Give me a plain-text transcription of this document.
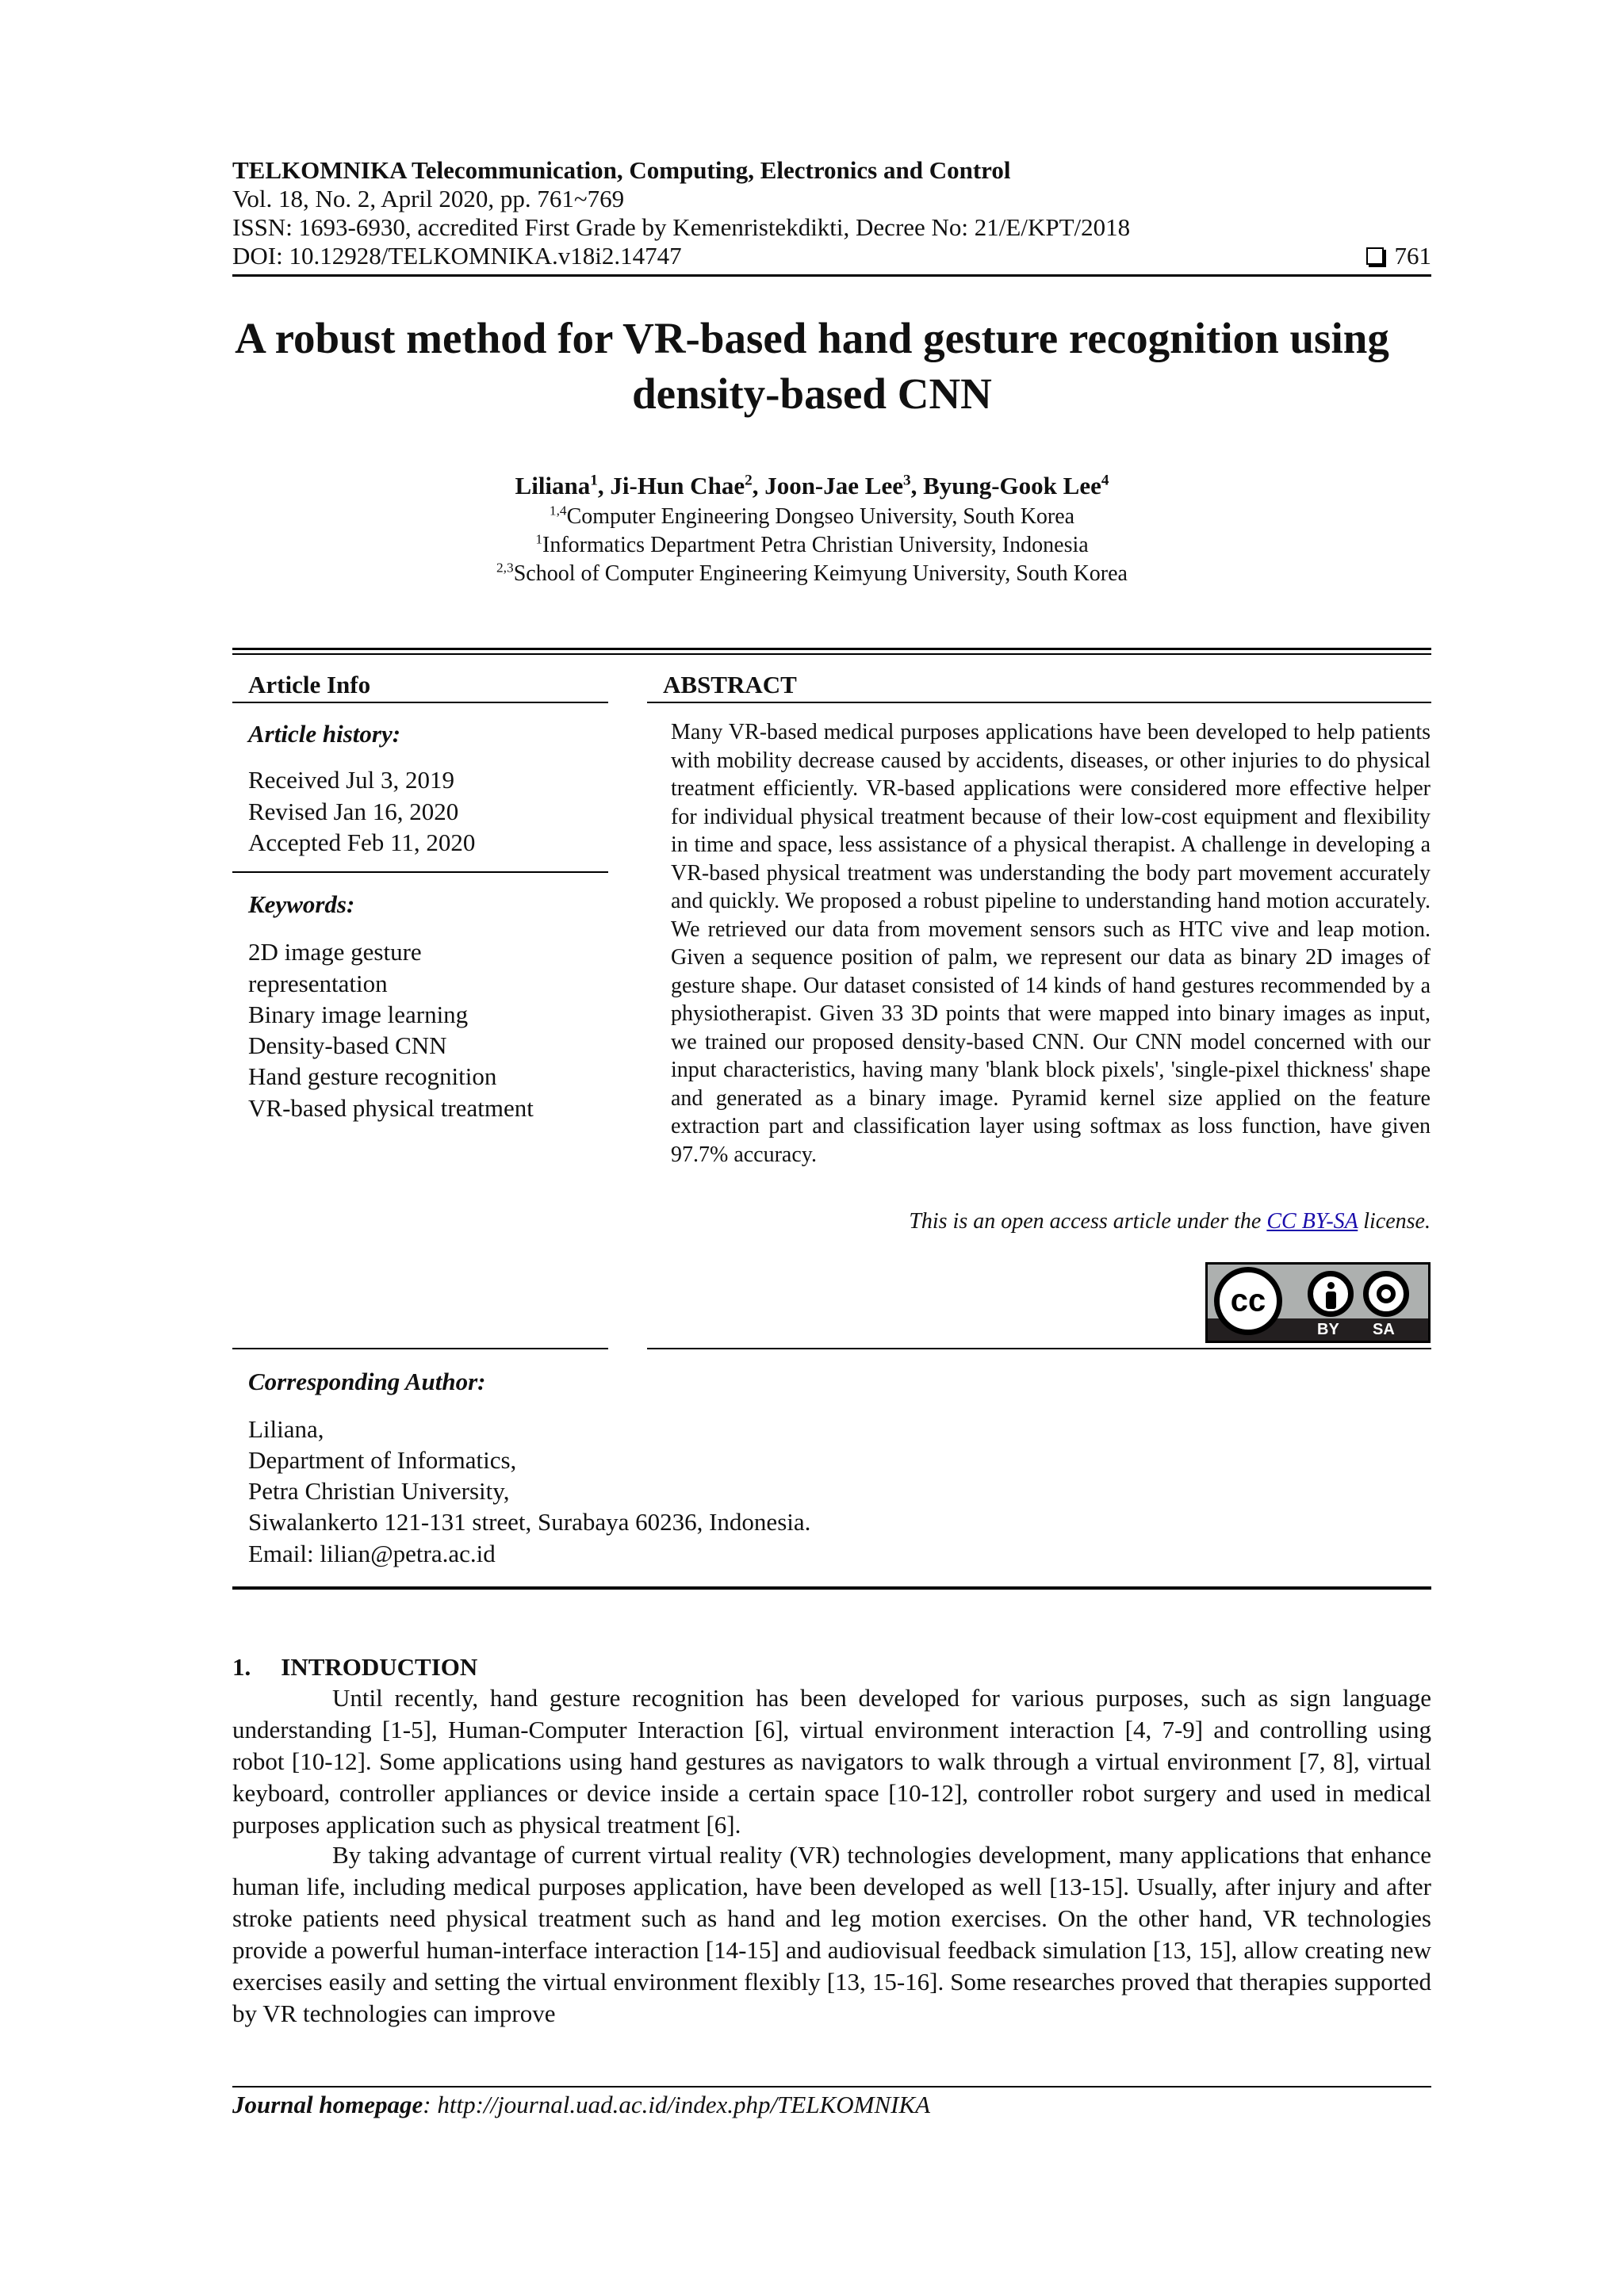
TELKOMNIKA Telecommunication, Computing, Electronics and Control
Vol. 18, No. 2, April 2020, pp. 761~769
ISSN: 1693-6930, accredited First Grade by Kemenristekdikti, Decree No: 21/E/KPT/2018
DOI: 10.12928/TELKOMNIKA.v18i2.14747	761
A robust method for VR-based hand gesture recognition using
density-based CNN
Liliana$^1$, Ji-Hun Chae$^2$, Joon-Jae Lee$^3$, Byung-Gook Lee$^4$
$^{1,4}$Computer Engineering Dongseo University, South Korea
$^1$Informatics Department Petra Christian University, Indonesia
$^{2,3}$School of Computer Engineering Keimyung University, South Korea
Article Info
Article history:
Received Jul 3, 2019
Revised Jan 16, 2020
Accepted Feb 11, 2020
Keywords:
2D image gesture
representation
Binary image learning
Density-based CNN
Hand gesture recognition
VR-based physical treatment
ABSTRACT
Many VR-based medical purposes applications have been developed to help patients with mobility decrease caused by accidents, diseases, or other injuries to do physical treatment efficiently. VR-based applications were considered more effective helper for individual physical treatment because of their low-cost equipment and flexibility in time and space, less assistance of a physical therapist. A challenge in developing a VR-based physical treatment was understanding the body part movement accurately and quickly. We proposed a robust pipeline to understanding hand motion accurately. We retrieved our data from movement sensors such as HTC vive and leap motion. Given a sequence position of palm, we represent our data as binary 2D images of gesture shape. Our dataset consisted of 14 kinds of hand gestures recommended by a physiotherapist. Given 33 3D points that were mapped into binary images as input, we trained our proposed density-based CNN. Our CNN model concerned with our input characteristics, having many 'blank block pixels', 'single-pixel thickness' shape and generated as a binary image. Pyramid kernel size applied on the feature extraction part and classification layer using softmax as loss function, have given 97.7% accuracy.
This is an open access article under the CC BY-SA license.
cc
BY SA
Corresponding Author:
Liliana,
Department of Informatics,
Petra Christian University,
Siwalankerto 121-131 street, Surabaya 60236, Indonesia.
Email: lilian@petra.ac.id
1. INTRODUCTION
Until recently, hand gesture recognition has been developed for various purposes, such as sign language understanding [1-5], Human-Computer Interaction [6], virtual environment interaction [4, 7-9] and controlling using robot [10-12]. Some applications using hand gestures as navigators to walk through a virtual environment [7, 8], virtual keyboard, controller appliances or device inside a certain space [10-12], controller robot surgery and used in medical purposes application such as physical treatment [6].
By taking advantage of current virtual reality (VR) technologies development, many applications that enhance human life, including medical purposes application, have been developed as well [13-15]. Usually, after injury and after stroke patients need physical treatment such as hand and leg motion exercises. On the other hand, VR technologies provide a powerful human-interface interaction [14-15] and audiovisual feedback simulation [13, 15], allow creating new exercises easily and setting the virtual environment flexibly [13, 15-16]. Some researches proved that therapies supported by VR technologies can improve
Journal homepage: http://journal.uad.ac.id/index.php/TELKOMNIKA
